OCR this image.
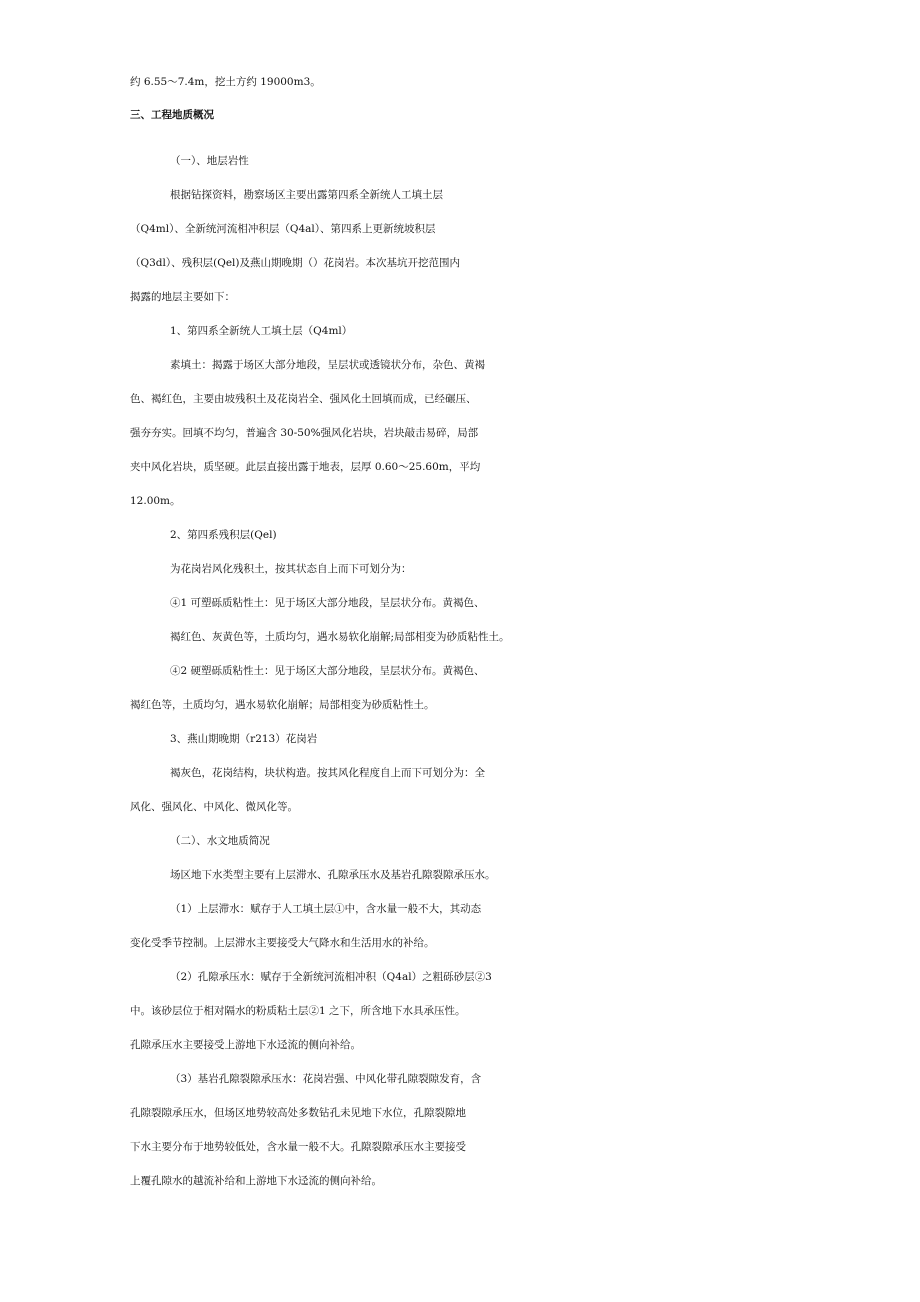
约 6.55～7.4m，挖土方约 19000m3。
三、工程地质概况
（一）、地层岩性
根据钻探资料，勘察场区主要出露第四系全新统人工填土层
（Q4ml）、全新统河流相冲积层（Q4al）、第四系上更新统坡积层
（Q3dl）、残积层(Qel)及燕山期晚期（）花岗岩。本次基坑开挖范围内
揭露的地层主要如下：
1、第四系全新统人工填土层（Q4ml）
素填土：揭露于场区大部分地段，呈层状或透镜状分布，杂色、黄褐
色、褐红色，主要由坡残积土及花岗岩全、强风化土回填而成，已经碾压、
强夯夯实。回填不均匀，普遍含 30-50%强风化岩块，岩块敲击易碎，局部
夹中风化岩块，质坚硬。此层直接出露于地表，层厚 0.60～25.60m，平均
12.00m。
2、第四系残积层(Qel)
为花岗岩风化残积土，按其状态自上而下可划分为：
④1 可塑砾质粘性土：见于场区大部分地段，呈层状分布。黄褐色、
褐红色、灰黄色等，土质均匀，遇水易软化崩解;局部相变为砂质粘性土。
④2 硬塑砾质粘性土：见于场区大部分地段，呈层状分布。黄褐色、
褐红色等，土质均匀，遇水易软化崩解；局部相变为砂质粘性土。
3、燕山期晚期（r213）花岗岩
褐灰色，花岗结构，块状构造。按其风化程度自上而下可划分为：全
风化、强风化、中风化、微风化等。
（二）、水文地质简况
场区地下水类型主要有上层滞水、孔隙承压水及基岩孔隙裂隙承压水。
（1）上层滞水：赋存于人工填土层①中，含水量一般不大，其动态
变化受季节控制。上层滞水主要接受大气降水和生活用水的补给。
（2）孔隙承压水：赋存于全新统河流相冲积（Q4al）之粗砾砂层②3
中。该砂层位于相对隔水的粉质粘土层②1 之下，所含地下水具承压性。
孔隙承压水主要接受上游地下水迳流的侧向补给。
（3）基岩孔隙裂隙承压水：花岗岩强、中风化带孔隙裂隙发育，含
孔隙裂隙承压水，但场区地势较高处多数钻孔未见地下水位，孔隙裂隙地
下水主要分布于地势较低处，含水量一般不大。孔隙裂隙承压水主要接受
上覆孔隙水的越流补给和上游地下水迳流的侧向补给。
